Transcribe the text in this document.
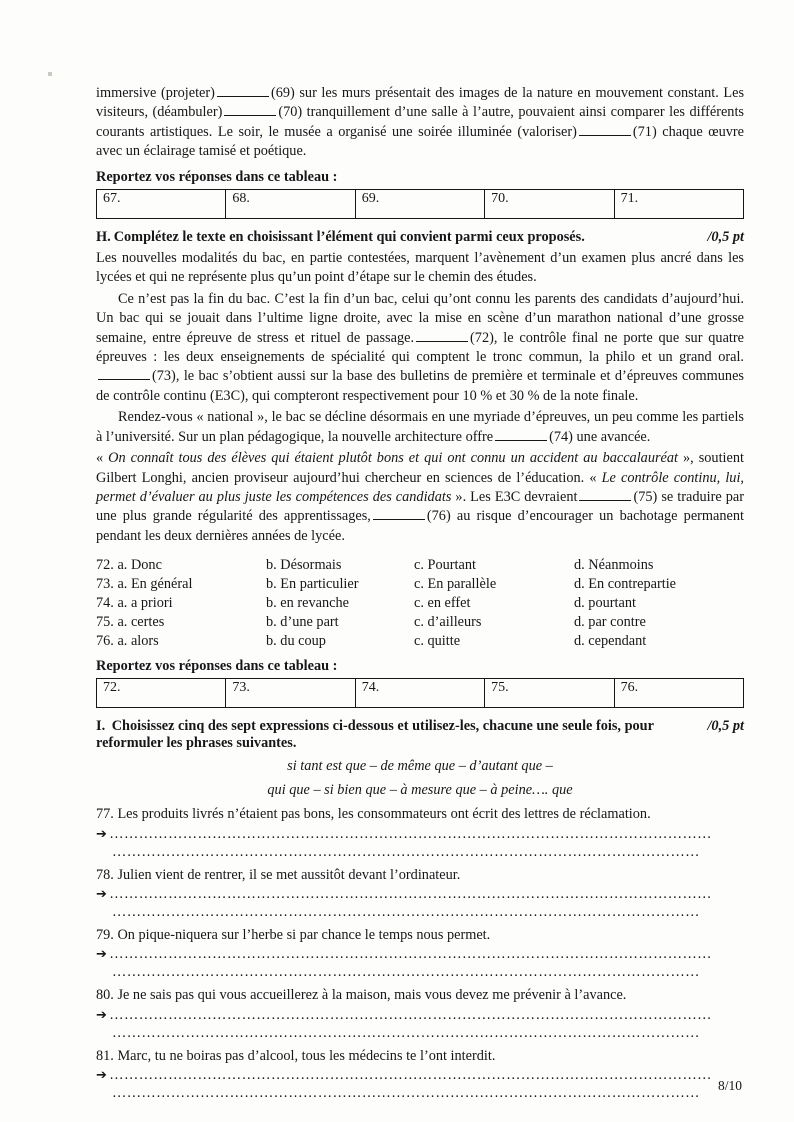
immersive (projeter)	(69) sur les murs présentait des images de la nature en mouvement constant. Les visiteurs, (déambuler)	(70) tranquillement d’une salle à l’autre, pouvaient ainsi comparer les différents courants artistiques. Le soir, le musée a organisé une soirée illuminée (valoriser)	(71) chaque œuvre avec un éclairage tamisé et poétique.

Reportez vos réponses dans ce tableau :
67.	68.	69.	70.	71.
H. Complétez le texte en choisissant l’élément qui convient parmi ceux proposés.	/0,5 pt

Les nouvelles modalités du bac, en partie contestées, marquent l’avènement d’un examen plus ancré dans les lycées et qui ne représente plus qu’un point d’étape sur le chemin des études.

Ce n’est pas la fin du bac. C’est la fin d’un bac, celui qu’ont connu les parents des candidats d’aujourd’hui. Un bac qui se jouait dans l’ultime ligne droite, avec la mise en scène d’un marathon national d’une grosse semaine, entre épreuve de stress et rituel de passage.	(72), le contrôle final ne porte que sur quatre épreuves : les deux enseignements de spécialité qui comptent le tronc commun, la philo et un grand oral.(73), le bac s’obtient aussi sur la base des bulletins de première et terminale et d’épreuves communes de contrôle continu (E3C), qui compteront respectivement pour 10 % et 30 % de la note finale.

Rendez-vous « national », le bac se décline désormais en une myriade d’épreuves, un peu comme les partiels à l’université. Sur un plan pédagogique, la nouvelle architecture offre	(74) une avancée.

« On connaît tous des élèves qui étaient plutôt bons et qui ont connu un accident au baccalauréat », soutient Gilbert Longhi, ancien proviseur aujourd’hui chercheur en sciences de l’éducation. « Le contrôle continu, lui, permet d’évaluer au plus juste les compétences des candidats ». Les E3C devraient	(75) se traduire par une plus grande régularité des apprentissages,	(76) au risque d’encourager un bachotage permanent pendant les deux dernières années de lycée.

72. a. Donc	b. Désormais	c. Pourtant	d. Néanmoins
73. a. En général	b. En particulier	c. En parallèle	d. En contrepartie
74. a. a priori	b. en revanche	c. en effet	d. pourtant
75. a. certes	b. d’une part	c. d’ailleurs	d. par contre
76. a. alors	b. du coup	c. quitte	d. cependant
Reportez vos réponses dans ce tableau :
72.	73.	74.	75.	76.
I. Choisissez cinq des sept expressions ci-dessous et utilisez-les, chacune une seule fois, pour reformuler les phrases suivantes.
/0,5 pt
si tant est que – de même que – d’autant que –
qui que – si bien que – à mesure que – à peine…. que
77. Les produits livrés n’étaient pas bons, les consommateurs ont écrit des lettres de réclamation.
➔ ……………………………………………………………………………………………………………
…………………………………………………………………………………………………………
78. Julien vient de rentrer, il se met aussitôt devant l’ordinateur.
➔ ……………………………………………………………………………………………………………
…………………………………………………………………………………………………………
79. On pique-niquera sur l’herbe si par chance le temps nous permet.
➔ ……………………………………………………………………………………………………………
…………………………………………………………………………………………………………
80. Je ne sais pas qui vous accueillerez à la maison, mais vous devez me prévenir à l’avance.
➔ ……………………………………………………………………………………………………………
…………………………………………………………………………………………………………
81. Marc, tu ne boiras pas d’alcool, tous les médecins te l’ont interdit.
➔ ……………………………………………………………………………………………………………
…………………………………………………………………………………………………………	8/10
